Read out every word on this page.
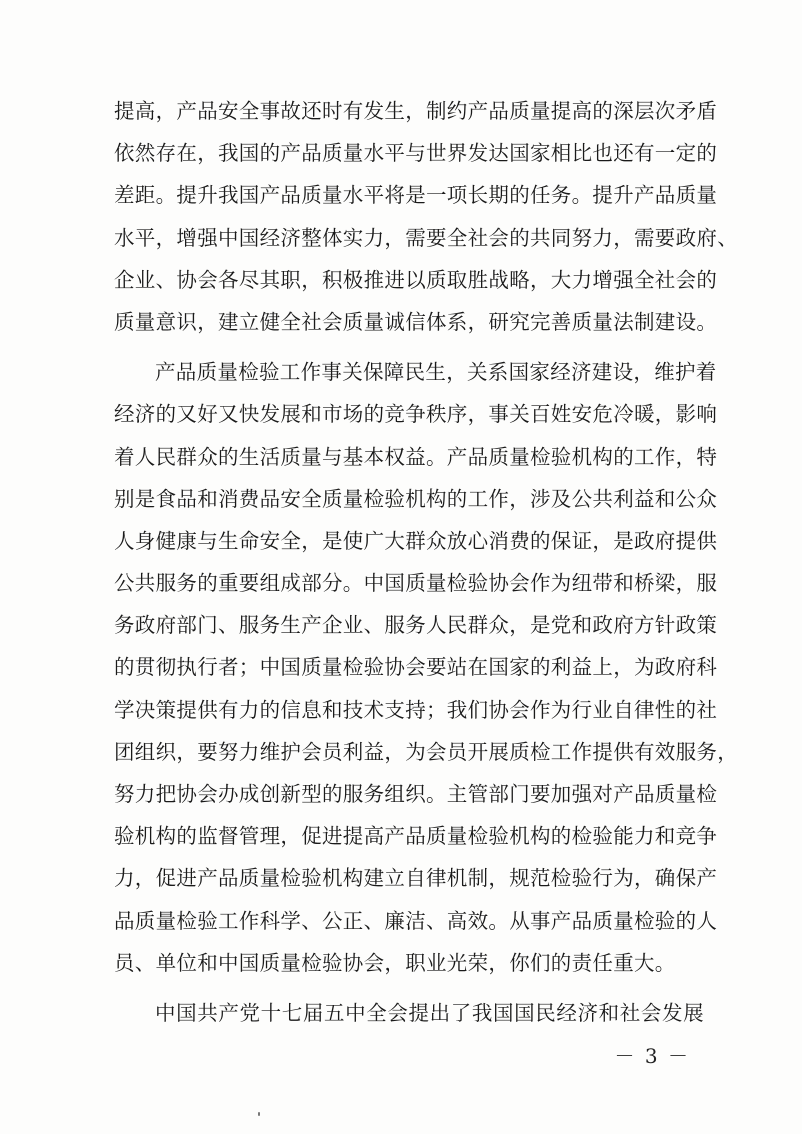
提高，产品安全事故还时有发生，制约产品质量提高的深层次矛盾
依然存在，我国的产品质量水平与世界发达国家相比也还有一定的
差距。提升我国产品质量水平将是一项长期的任务。提升产品质量
水平，增强中国经济整体实力，需要全社会的共同努力，需要政府、
企业、协会各尽其职，积极推进以质取胜战略，大力增强全社会的
质量意识，建立健全社会质量诚信体系，研究完善质量法制建设。
产品质量检验工作事关保障民生，关系国家经济建设，维护着
经济的又好又快发展和市场的竞争秩序，事关百姓安危冷暖，影响
着人民群众的生活质量与基本权益。产品质量检验机构的工作，特
别是食品和消费品安全质量检验机构的工作，涉及公共利益和公众
人身健康与生命安全，是使广大群众放心消费的保证，是政府提供
公共服务的重要组成部分。中国质量检验协会作为纽带和桥梁，服
务政府部门、服务生产企业、服务人民群众，是党和政府方针政策
的贯彻执行者；中国质量检验协会要站在国家的利益上，为政府科
学决策提供有力的信息和技术支持；我们协会作为行业自律性的社
团组织，要努力维护会员利益，为会员开展质检工作提供有效服务，
努力把协会办成创新型的服务组织。主管部门要加强对产品质量检
验机构的监督管理，促进提高产品质量检验机构的检验能力和竞争
力，促进产品质量检验机构建立自律机制，规范检验行为，确保产
品质量检验工作科学、公正、廉洁、高效。从事产品质量检验的人
员、单位和中国质量检验协会，职业光荣，你们的责任重大。
中国共产党十七届五中全会提出了我国国民经济和社会发展
－ 3 －
